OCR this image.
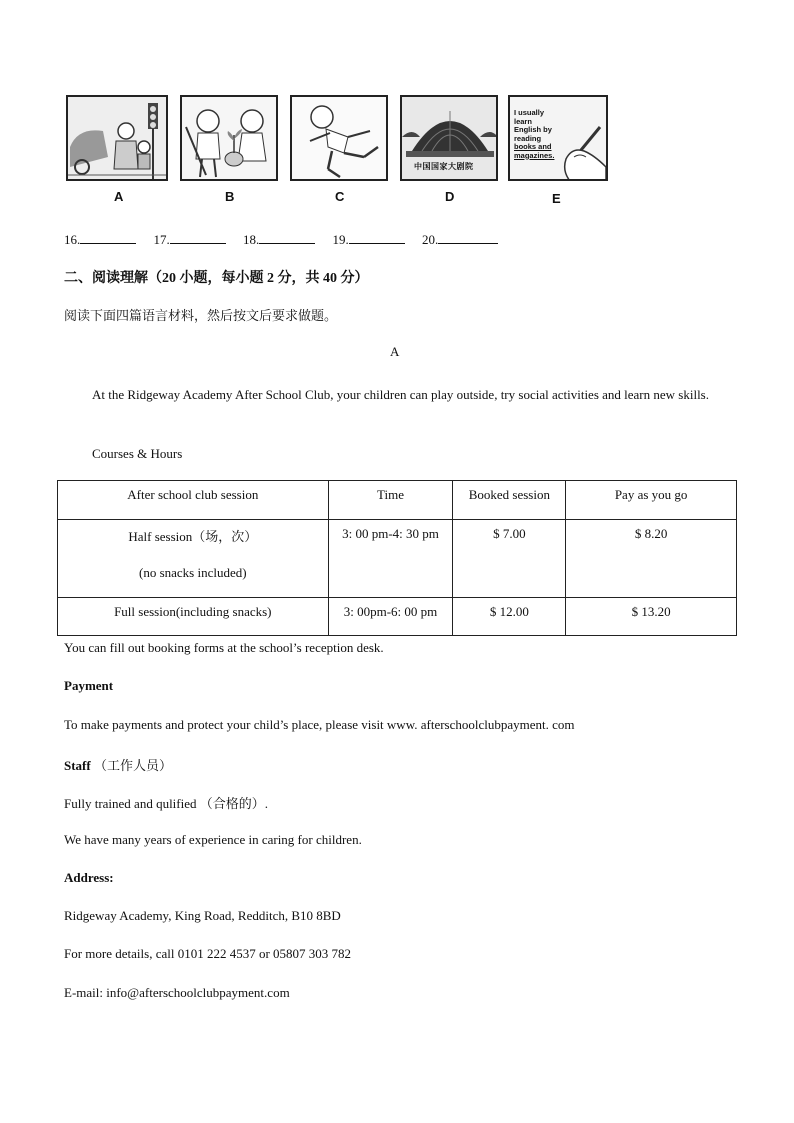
A	B	C
中国国家大剧院
D
I usually
learn
English by
reading
books and
magazines.
E
16.	17.	18.	19.	20.
二、阅读理解（20 小题，每小题 2 分，共 40 分）
阅读下面四篇语言材料，然后按文后要求做题。
A
At the Ridgeway Academy After School Club, your children can play outside, try social activities and learn new skills.
Courses & Hours
After school club session	Time	Booked session	Pay as you go
Half session（场，次）
(no snacks included)	3: 00 pm-4: 30 pm	$ 7.00	$ 8.20
Full session(including snacks)	3: 00pm-6: 00 pm	$ 12.00	$ 13.20
You can fill out booking forms at the school’s reception desk.
Payment
To make payments and protect your child’s place, please visit www. afterschoolclubpayment. com
Staff （工作人员）
Fully trained and qulified （合格的）.
We have many years of experience in caring for children.
Address:
Ridgeway Academy, King Road, Redditch, B10 8BD
For more details, call 0101 222 4537 or 05807 303 782
E-mail: info@afterschoolclubpayment.com
